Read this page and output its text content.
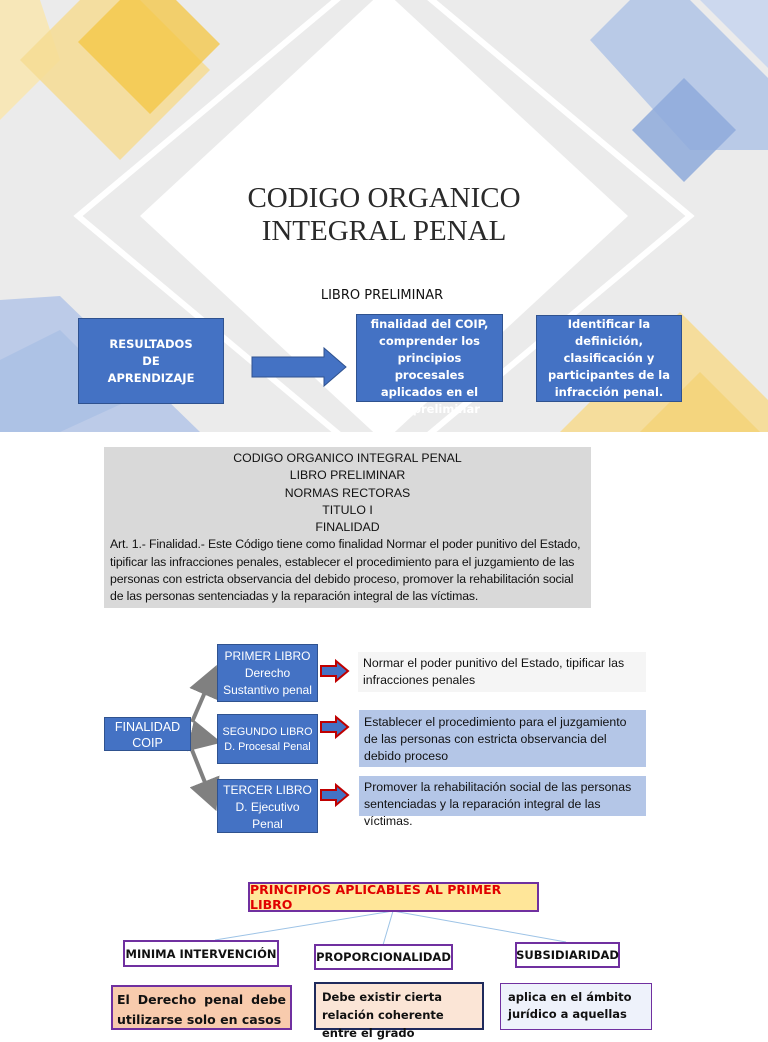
CODIGO ORGANICO
INTEGRAL PENAL
LIBRO PRELIMINAR
RESULTADOS DE APRENDIZAJE
Conocer la finalidad del COIP, comprender los principios procesales aplicados en el libro preliminar
Identificar la definición, clasificación y participantes de la infracción penal.
CODIGO ORGANICO INTEGRAL PENAL
LIBRO PRELIMINAR
NORMAS RECTORAS
TITULO I
FINALIDAD
Art. 1.- Finalidad.- Este Código tiene como finalidad Normar el poder punitivo del Estado, tipificar las infracciones penales, establecer el procedimiento para el juzgamiento de las personas con estricta observancia del debido proceso, promover la rehabilitación social de las personas sentenciadas y la reparación integral de las víctimas.
FINALIDAD
COIP
PRIMER LIBRO
Derecho
Sustantivo penal
SEGUNDO LIBRO
D. Procesal Penal
TERCER LIBRO
D. Ejecutivo
Penal
Normar el poder punitivo del Estado, tipificar las infracciones penales
Establecer el procedimiento para el juzgamiento de las personas con estricta observancia del debido proceso
Promover la rehabilitación social de las personas sentenciadas y la reparación integral de las víctimas.
PRINCIPIOS APLICABLES AL PRIMER LIBRO
MINIMA INTERVENCIÓN	PROPORCIONALIDAD	SUBSIDIARIDAD
El Derecho penal debe utilizarse solo en casos
Debe existir cierta relación coherente entre el grado
aplica en el ámbito jurídico a aquellas
